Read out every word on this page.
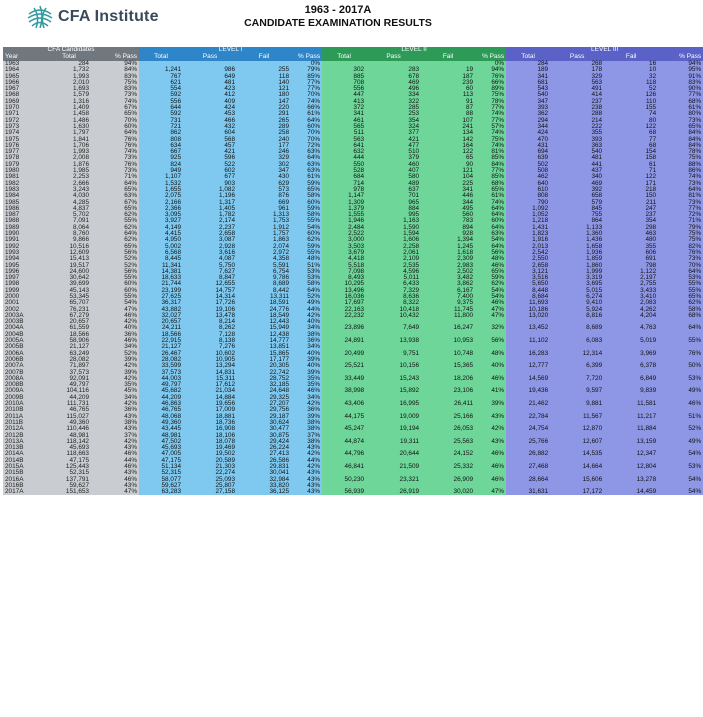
CFA Institute	1963 - 2017A
CANDIDATE EXAMINATION RESULTS
CFA Candidates			LEVEL I				LEVEL II				LEVEL III			
Year	Total	% Pass	Total	Pass	Fail	% Pass	Total	Pass	Fail	% Pass	Total	Pass	Fail	% Pass
1963	284	94%				0%				0%	284	268	16	94%
1964	1,732	84%	1,241	986	255	79%	302	283	19	94%	189	178	10	95%
1965	1,993	83%	767	649	118	85%	885	678	187	76%	341	329	32	91%
1966	2,010	75%	621	481	140	77%	708	469	239	66%	681	563	118	83%
1967	1,693	83%	554	423	121	77%	556	496	60	89%	543	491	52	90%
1968	1,579	73%	592	412	180	70%	447	334	113	75%	540	414	126	77%
1969	1,316	74%	556	409	147	74%	413	322	91	78%	347	237	110	68%
1970	1,409	67%	644	424	220	66%	372	285	87	77%	393	238	155	61%
1971	1,458	65%	592	453	291	61%	341	253	88	74%	362	288	74	80%
1972	1,486	70%	731	466	265	64%	461	354	107	77%	294	214	80	73%
1973	1,630	60%	721	432	289	60%	565	324	241	57%	344	222	122	65%
1974	1,797	64%	862	604	258	70%	511	377	134	74%	424	355	68	84%
1975	1,841	76%	808	568	240	70%	563	421	142	75%	470	393	77	84%
1976	1,706	76%	634	457	177	72%	641	477	164	74%	431	363	68	84%
1977	1,993	74%	667	421	246	63%	632	510	122	81%	694	540	154	78%
1978	2,008	73%	925	596	329	64%	444	379	65	85%	639	481	158	75%
1979	1,876	76%	824	522	302	63%	550	460	90	84%	502	441	61	88%
1980	1,985	73%	949	602	347	63%	528	407	121	77%	508	437	71	86%
1981	2,253	71%	1,107	677	430	61%	684	580	104	85%	462	340	122	74%
1982	2,666	64%	1,532	903	629	59%	714	489	225	68%	640	469	171	73%
1983	3,243	65%	1,655	1,082	573	65%	978	637	341	65%	610	392	218	64%
1984	4,030	63%	2,075	1,196	876	58%	1,147	701	446	61%	808	658	150	81%
1985	4,285	67%	2,166	1,317	669	60%	1,309	965	344	74%	790	579	211	73%
1986	4,837	65%	2,366	1,405	961	59%	1,379	884	495	64%	1,092	845	247	77%
1987	5,702	62%	3,095	1,782	1,313	58%	1,555	995	560	64%	1,052	755	237	72%
1988	7,091	55%	3,927	2,174	1,753	55%	1,946	1,163	783	60%	1,218	864	354	71%
1989	8,064	62%	4,149	2,237	1,912	54%	2,484	1,590	894	64%	1,431	1,133	298	79%
1990	8,760	64%	4,415	2,658	1,757	60%	2,522	1,594	928	63%	1,823	1,360	463	75%
1991	9,866	62%	4,950	3,087	1,863	62%	3,000	1,606	1,394	54%	1,916	1,436	480	75%
1992	10,516	65%	5,002	2,928	2,074	59%	3,503	2,258	1,245	64%	2,013	1,658	355	82%
1993	12,609	56%	6,568	3,616	2,972	55%	3,679	2,061	1,618	56%	2,542	1,936	606	76%
1994	15,413	52%	8,445	4,087	4,358	48%	4,418	2,109	2,309	48%	2,550	1,859	691	73%
1995	19,517	52%	11,341	5,750	5,591	51%	5,518	2,535	2,983	46%	2,658	1,860	798	70%
1996	24,600	56%	14,381	7,627	6,754	53%	7,098	4,596	2,502	65%	3,121	1,999	1,122	64%
1997	30,642	55%	18,633	8,847	9,786	53%	8,493	5,011	3,482	59%	3,516	3,319	2,197	53%
1998	39,699	60%	21,744	12,655	8,689	58%	10,295	6,433	3,862	62%	5,650	3,695	2,755	55%
1999	45,143	60%	23,199	14,757	8,442	64%	13,496	7,329	6,167	54%	8,448	5,015	3,433	55%
2000	53,345	55%	27,625	14,314	13,311	52%	16,036	8,636	7,400	54%	8,684	6,274	3,410	65%
2001	65,707	54%	36,317	17,726	18,591	49%	17,697	8,322	9,375	46%	11,693	9,410	2,083	62%
2002	76,231	47%	43,882	19,106	24,776	44%	22,163	10,418	11,745	47%	10,186	5,924	4,262	58%
2003A	67,279	46%	32,027	13,478	18,549	42%	22,232	10,432	11,800	47%	13,020	8,816	4,204	68%
2003B	20,657	42%	20,657	8,214	12,443	40%								
2004A	61,559	40%	24,211	8,262	15,949	34%	23,896	7,649	16,247	32%	13,452	8,689	4,763	64%
2004B	18,566	36%	18,566	7,128	12,438	38%								
2005A	58,906	46%	22,915	8,138	14,777	36%	24,891	13,938	10,953	56%	11,102	6,083	5,019	55%
2005B	21,127	34%	21,127	7,276	13,851	34%								
2006A	63,249	52%	26,467	10,602	15,865	40%	20,499	9,751	10,748	48%	16,283	12,314	3,969	76%
2006B	28,082	39%	28,082	10,905	17,177	39%								
2007A	71,897	42%	33,599	13,294	20,305	40%	25,521	10,156	15,365	40%	12,777	6,399	6,378	50%
2007B	37,573	39%	37,573	14,831	22,742	39%								
2008A	92,091	42%	44,003	15,311	28,752	35%	33,449	15,243	18,206	46%	14,569	7,720	6,849	53%
2008B	49,797	35%	49,797	17,612	32,185	35%								
2009A	104,116	45%	45,682	21,034	24,648	46%	38,998	15,892	23,106	41%	19,436	9,597	9,839	49%
2009B	44,209	34%	44,209	14,884	29,325	34%								
2010A	111,731	42%	46,863	19,656	27,207	42%	43,406	16,995	26,411	39%	21,462	9,881	11,581	46%
2010B	46,765	36%	46,765	17,009	29,756	36%								
2011A	115,027	43%	48,068	18,881	29,187	39%	44,175	19,009	25,166	43%	22,784	11,567	11,217	51%
2011B	49,360	38%	49,360	18,736	30,624	38%								
2012A	110,446	43%	43,445	16,908	30,477	38%	45,247	19,194	26,053	42%	24,754	12,870	11,884	52%
2012B	48,981	37%	48,981	18,106	30,875	37%								
2013A	118,142	42%	47,502	18,078	29,424	38%	44,874	19,311	25,563	43%	25,766	12,607	13,159	49%
2013B	45,693	43%	45,693	19,469	26,224	43%								
2014A	118,663	46%	47,005	19,502	27,413	42%	44,796	20,644	24,152	46%	26,882	14,535	12,347	54%
2014B	47,175	44%	47,175	20,589	26,586	44%								
2015A	125,443	46%	51,134	21,303	29,831	42%	46,841	21,509	25,332	46%	27,468	14,664	12,804	53%
2015B	52,315	43%	52,315	22,274	30,041	43%								
2016A	137,791	46%	58,077	25,093	32,984	43%	50,230	23,321	26,909	46%	28,664	15,606	13,278	54%
2016B	59,627	43%	59,627	25,807	33,820	43%								
2017A	151,653	47%	63,283	27,158	36,125	43%	56,939	26,919	30,020	47%	31,631	17,172	14,459	54%
